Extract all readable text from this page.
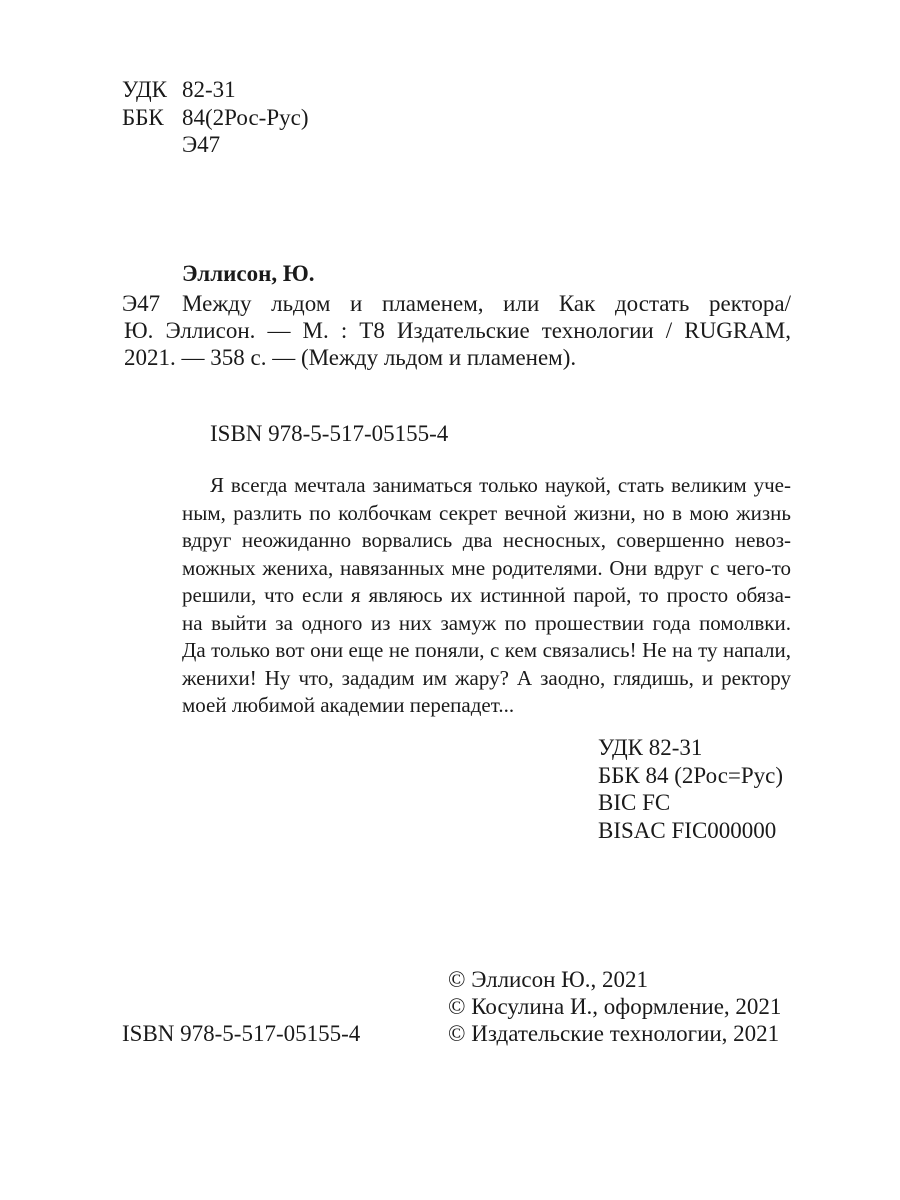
УДК 82-31
ББК 84(2Рос-Рус)
Э47
Эллисон, Ю.
Э47 Между льдом и пламенем, или Как достать ректора/
Ю. Эллисон. — М. : Т8 Издательские технологии / RUGRAM,
2021. — 358 с. — (Между льдом и пламенем).
ISBN 978-5-517-05155-4
Я всегда мечтала заниматься только наукой, стать великим уче-
ным, разлить по колбочкам секрет вечной жизни, но в мою жизнь
вдруг неожиданно ворвались два несносных, совершенно невоз-
можных жениха, навязанных мне родителями. Они вдруг с чего-то
решили, что если я являюсь их истинной парой, то просто обяза-
на выйти за одного из них замуж по прошествии года помолвки.
Да только вот они еще не поняли, с кем связались! Не на ту напали,
женихи! Ну что, зададим им жару? А заодно, глядишь, и ректору
моей любимой академии перепадет...
УДК 82-31
ББК 84 (2Рос=Рус)
BIC FC
BISAC FIC000000
© Эллисон Ю., 2021
© Косулина И., оформление, 2021
© Издательские технологии, 2021
ISBN 978-5-517-05155-4
